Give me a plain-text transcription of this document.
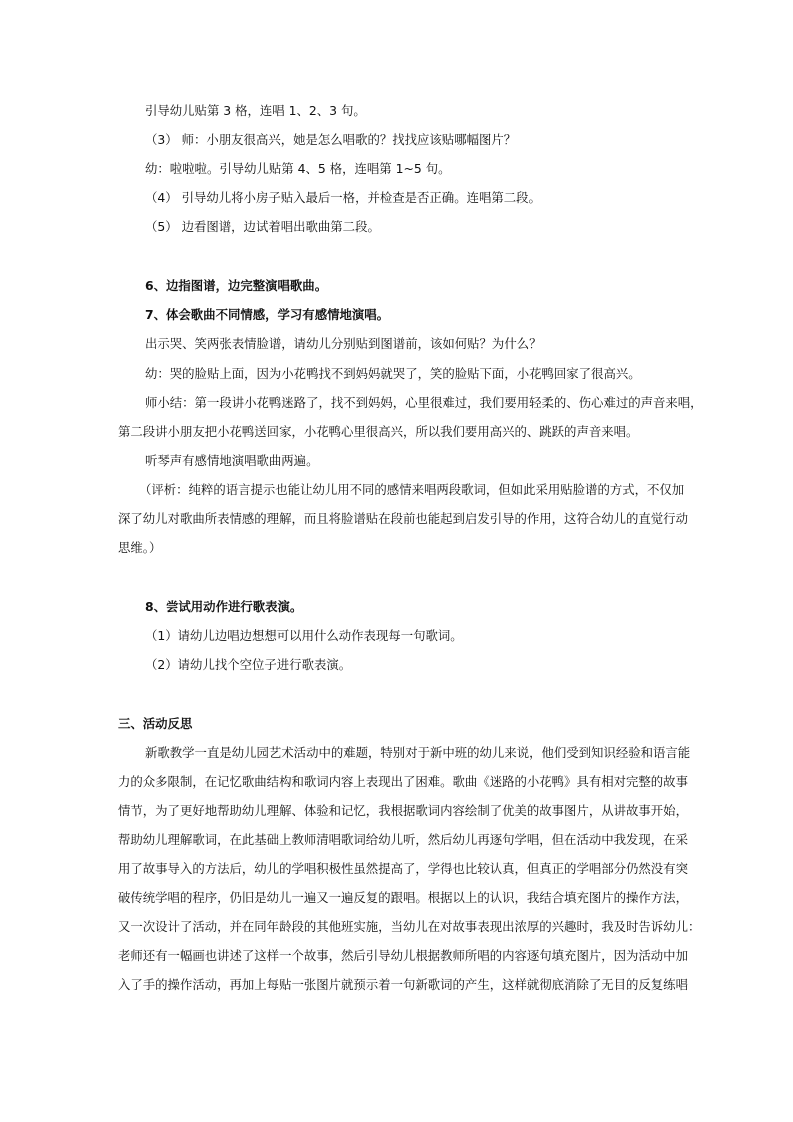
引导幼儿贴第 3 格，连唱 1、2、3 句。
（3） 师：小朋友很高兴，她是怎么唱歌的？找找应该贴哪幅图片？
幼：啦啦啦。引导幼儿贴第 4、5 格，连唱第 1~5 句。
（4） 引导幼儿将小房子贴入最后一格，并检查是否正确。连唱第二段。
（5） 边看图谱，边试着唱出歌曲第二段。
6、边指图谱，边完整演唱歌曲。
7、体会歌曲不同情感，学习有感情地演唱。
出示哭、笑两张表情脸谱，请幼儿分别贴到图谱前，该如何贴？为什么？
幼：哭的脸贴上面，因为小花鸭找不到妈妈就哭了，笑的脸贴下面，小花鸭回家了很高兴。
师小结：第一段讲小花鸭迷路了，找不到妈妈，心里很难过，我们要用轻柔的、伤心难过的声音来唱，
第二段讲小朋友把小花鸭送回家，小花鸭心里很高兴，所以我们要用高兴的、跳跃的声音来唱。
听琴声有感情地演唱歌曲两遍。
（评析：纯粹的语言提示也能让幼儿用不同的感情来唱两段歌词，但如此采用贴脸谱的方式，不仅加
深了幼儿对歌曲所表情感的理解，而且将脸谱贴在段前也能起到启发引导的作用，这符合幼儿的直觉行动
思维。）
8、尝试用动作进行歌表演。
（1）请幼儿边唱边想想可以用什么动作表现每一句歌词。
（2）请幼儿找个空位子进行歌表演。
三、活动反思
新歌教学一直是幼儿园艺术活动中的难题，特别对于新中班的幼儿来说，他们受到知识经验和语言能
力的众多限制，在记忆歌曲结构和歌词内容上表现出了困难。歌曲《迷路的小花鸭》具有相对完整的故事
情节，为了更好地帮助幼儿理解、体验和记忆，我根据歌词内容绘制了优美的故事图片，从讲故事开始，
帮助幼儿理解歌词，在此基础上教师清唱歌词给幼儿听，然后幼儿再逐句学唱，但在活动中我发现，在采
用了故事导入的方法后，幼儿的学唱积极性虽然提高了，学得也比较认真，但真正的学唱部分仍然没有突
破传统学唱的程序，仍旧是幼儿一遍又一遍反复的跟唱。根据以上的认识，我结合填充图片的操作方法，
又一次设计了活动，并在同年龄段的其他班实施，当幼儿在对故事表现出浓厚的兴趣时，我及时告诉幼儿：
老师还有一幅画也讲述了这样一个故事，然后引导幼儿根据教师所唱的内容逐句填充图片，因为活动中加
入了手的操作活动，再加上每贴一张图片就预示着一句新歌词的产生，这样就彻底消除了无目的反复练唱
